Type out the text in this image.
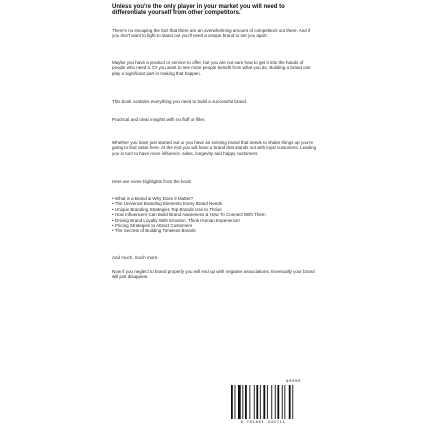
Unless you're the only player in your market you will need to

differentiate yourself from other competitors.

There's no escaping the fact that there are an overwhelming amount of competitors out there. And if you don't want to fight to stand out you'll need a unique brand to set you apart.

Maybe you have a product or service to offer, but you are not sure how to get it into the hands of people who need it. Or you want to see more people benefit from what you do. Building a brand can play a significant part in making that happen.

This book contains everything you need to build a successful brand.

Practical and clear insights with no fluff or filler.

Whether you have just started out or you have an existing brand that needs to shake things up you're going to find value here. At the end you will have a brand that stands out with loyal customers. Leading you in turn to have more influence, sales, longevity and happy customers.

Here are some highlights from the book:

• What is a Brand & Why Does it Matter?
• The Universal Branding Elements Every Brand Needs
• Unique Branding Strategies Top Brands Use to Thrive
• How Influencers Can Build Brand Awareness & How To Connect With Them
• Driving Brand Loyalty With Emotion. Think Human Experience!
• Pricing Strategies to Attract Customers
• The Secrets of Building Timeless Brands

And much, much more.

Now if you neglect to brand properly you will end up with negative associations. Eventually your brand will just disappear.

90000
9 781801 345711
